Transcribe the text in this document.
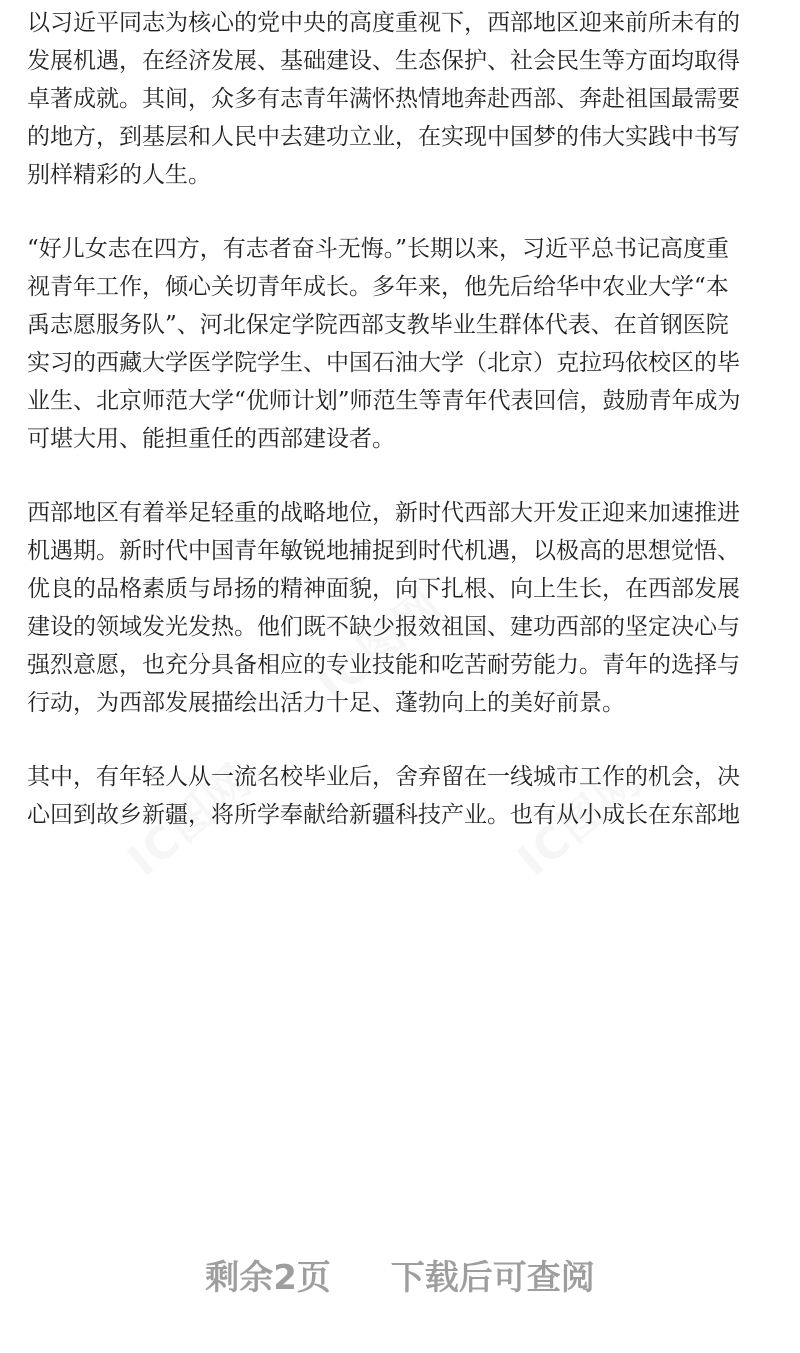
以习近平同志为核心的党中央的高度重视下，西部地区迎来前所未有的
发展机遇，在经济发展、基础建设、生态保护、社会民生等方面均取得
卓著成就。其间，众多有志青年满怀热情地奔赴西部、奔赴祖国最需要
的地方，到基层和人民中去建功立业，在实现中国梦的伟大实践中书写
别样精彩的人生。
“好儿女志在四方，有志者奋斗无悔。”长期以来，习近平总书记高度重
视青年工作，倾心关切青年成长。多年来，他先后给华中农业大学“本
禹志愿服务队”、河北保定学院西部支教毕业生群体代表、在首钢医院
实习的西藏大学医学院学生、中国石油大学（北京）克拉玛依校区的毕
业生、北京师范大学“优师计划”师范生等青年代表回信，鼓励青年成为
可堪大用、能担重任的西部建设者。
西部地区有着举足轻重的战略地位，新时代西部大开发正迎来加速推进
机遇期。新时代中国青年敏锐地捕捉到时代机遇，以极高的思想觉悟、
优良的品格素质与昂扬的精神面貌，向下扎根、向上生长，在西部发展
建设的领域发光发热。他们既不缺少报效祖国、建功西部的坚定决心与
强烈意愿，也充分具备相应的专业技能和吃苦耐劳能力。青年的选择与
行动，为西部发展描绘出活力十足、蓬勃向上的美好前景。
其中，有年轻人从一流名校毕业后，舍弃留在一线城市工作的机会，决
心回到故乡新疆，将所学奉献给新疆科技产业。也有从小成长在东部地
剩余2页 下载后可查阅
